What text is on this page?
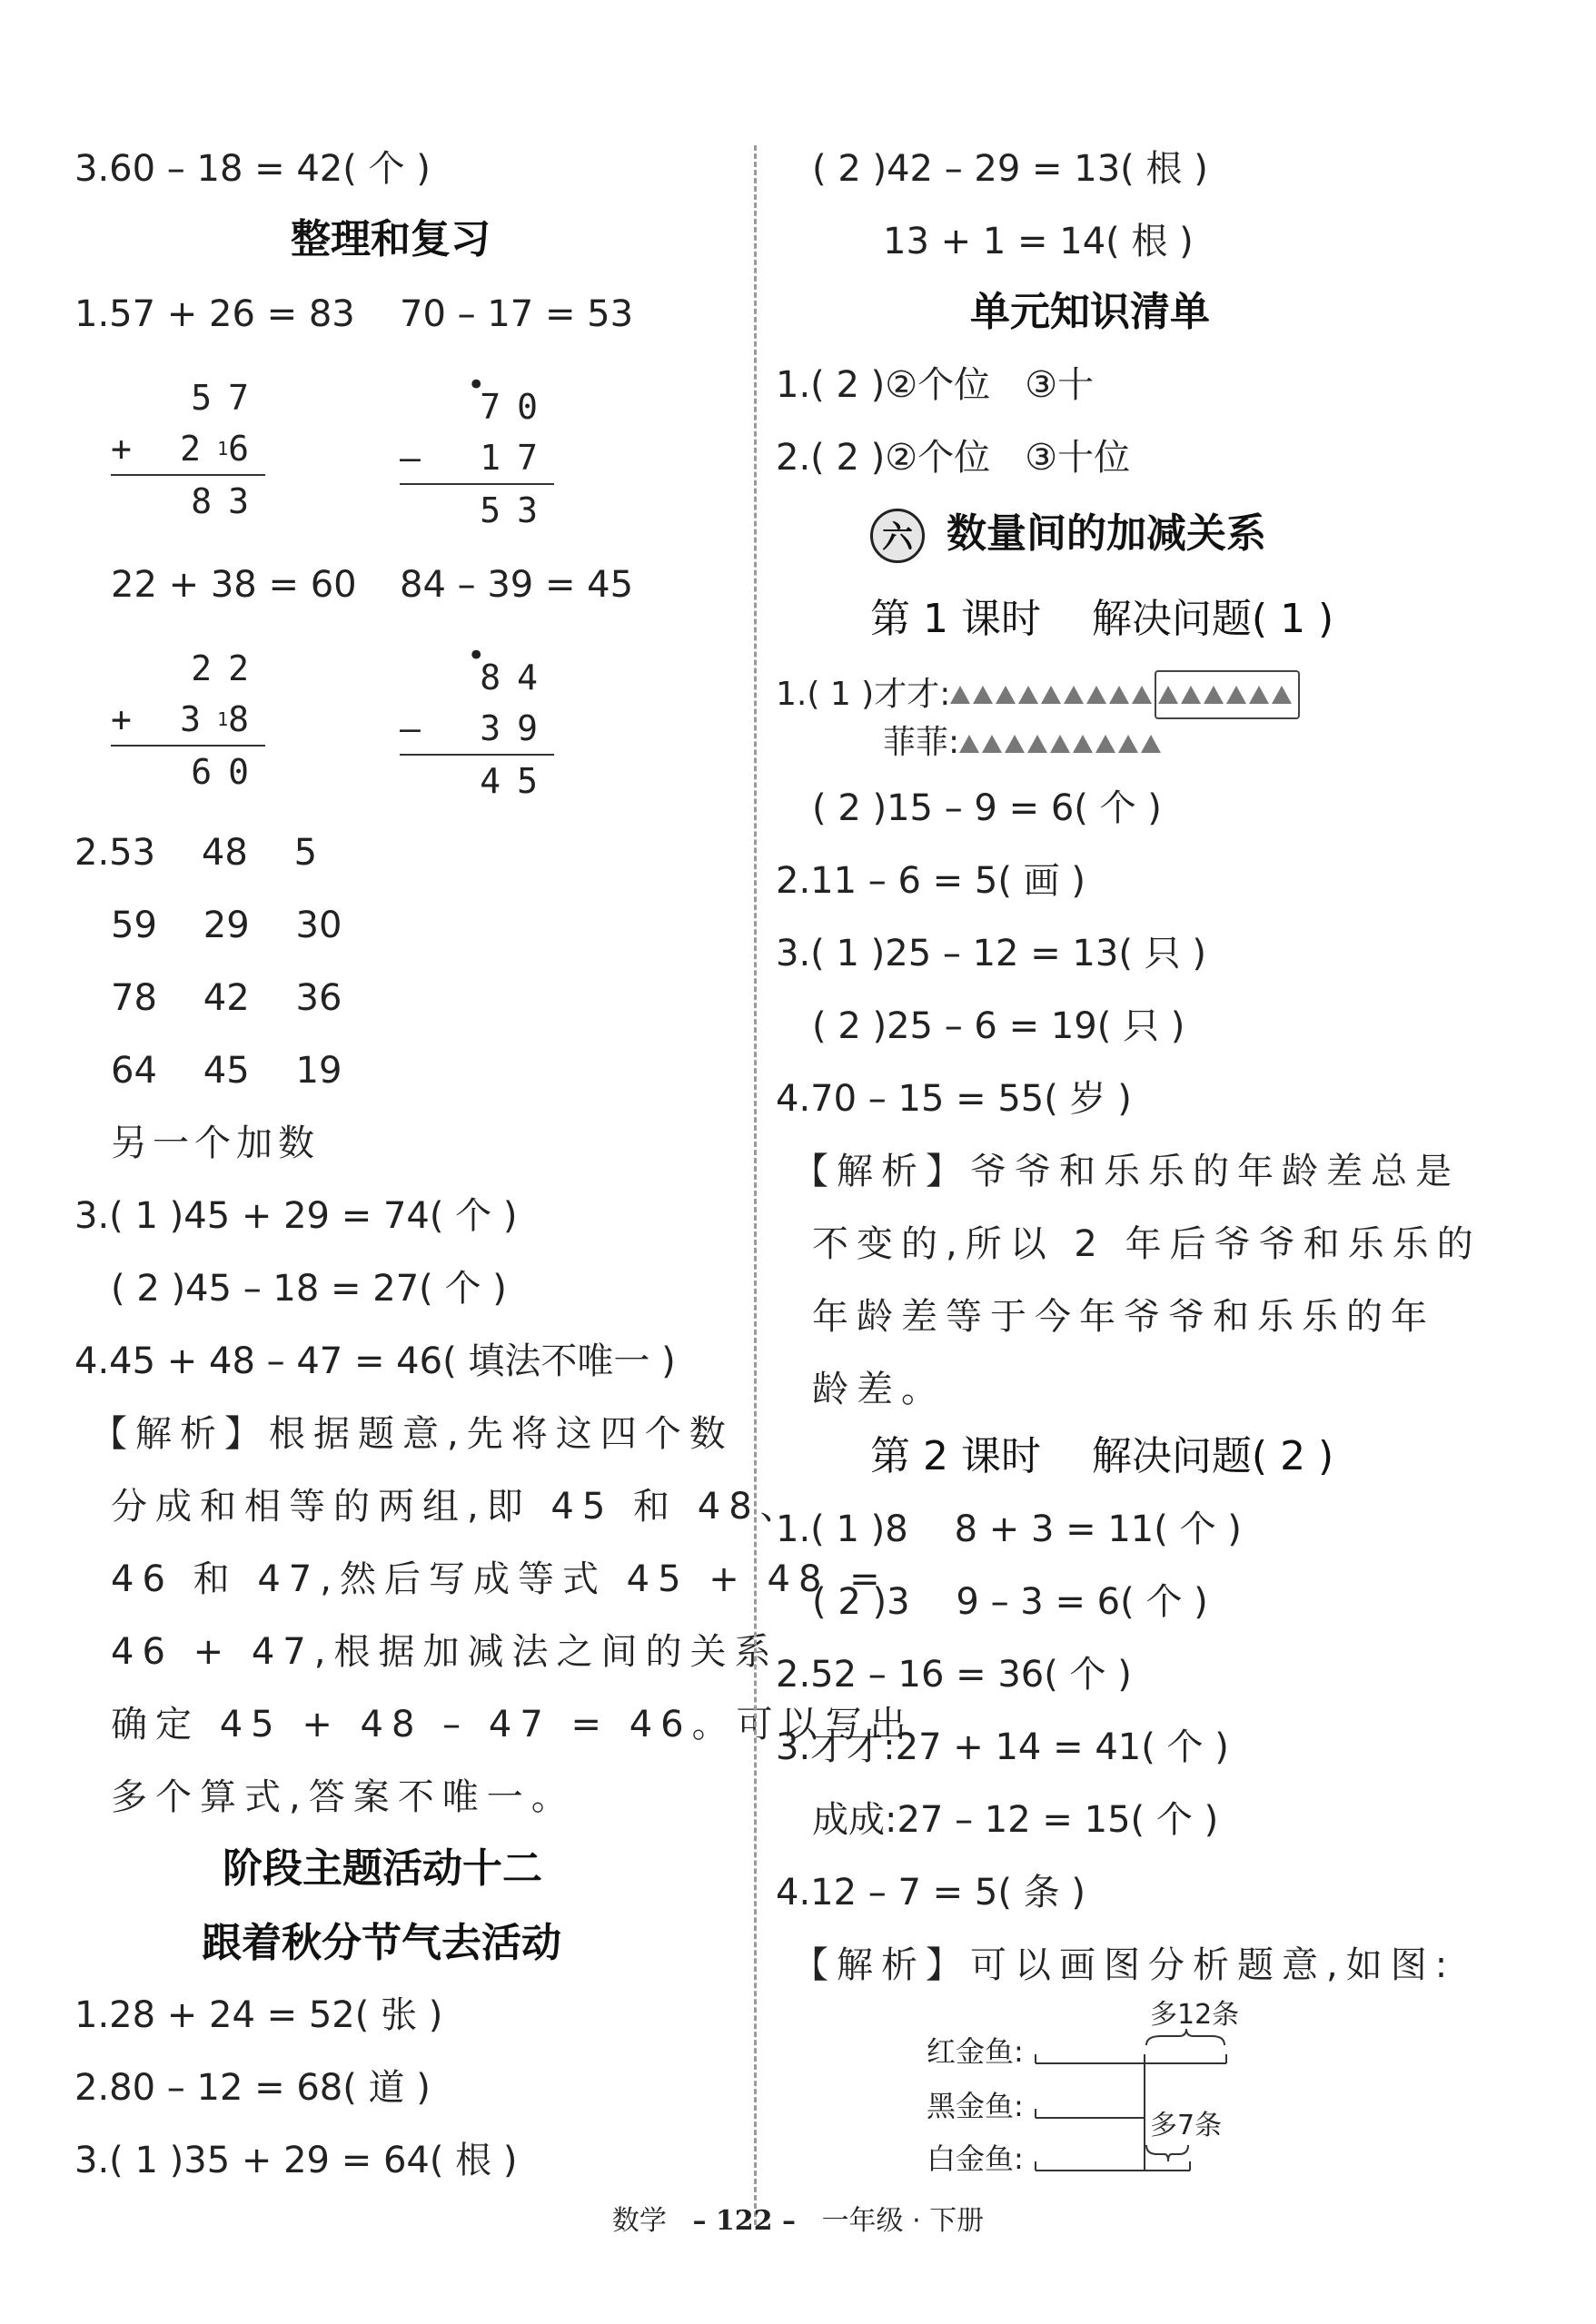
3.60 – 18 = 42( 个 )
整理和复习
1.57 + 26 = 83 70 – 17 = 53
57
+ 216
83
•
70
– 17
53
22 + 38 = 60 84 – 39 = 45
22
+ 318
60
•
84
– 39
45
2.53    48    5
59    29    30
78    42    36
64    45    19
另一个加数
3.( 1 )45 + 29 = 74( 个 )
( 2 )45 – 18 = 27( 个 )
4.45 + 48 – 47 = 46( 填法不唯一 )
【解析】根据题意,先将这四个数
分成和相等的两组,即 45 和 48、
46 和 47,然后写成等式 45 + 48 =
46 + 47,根据加减法之间的关系
确定 45 + 48 – 47 = 46。可以写出
多个算式,答案不唯一。
阶段主题活动十二
跟着秋分节气去活动
1.28 + 24 = 52( 张 )
2.80 – 12 = 68( 道 )
3.( 1 )35 + 29 = 64( 根 )
( 2 )42 – 29 = 13( 根 )
13 + 1 = 14( 根 )
单元知识清单
1.( 2 )②个位   ③十
2.( 2 )②个位   ③十位
六 数量间的加减关系
第 1 课时    解决问题( 1 )
1.( 1 )才才:
菲菲:
( 2 )15 – 9 = 6( 个 )
2.11 – 6 = 5( 画 )
3.( 1 )25 – 12 = 13( 只 )
( 2 )25 – 6 = 19( 只 )
4.70 – 15 = 55( 岁 )
【解析】爷爷和乐乐的年龄差总是
不变的,所以 2 年后爷爷和乐乐的
年龄差等于今年爷爷和乐乐的年
龄差。
第 2 课时    解决问题( 2 )
1.( 1 )8    8 + 3 = 11( 个 )
( 2 )3    9 – 3 = 6( 个 )
2.52 – 16 = 36( 个 )
3.才才:27 + 14 = 41( 个 )
成成:27 – 12 = 15( 个 )
4.12 – 7 = 5( 条 )
【解析】可以画图分析题意,如图:
红金鱼:
黑金鱼:
白金鱼:
多12条
多7条
数学 – 122 – 一年级 · 下册
